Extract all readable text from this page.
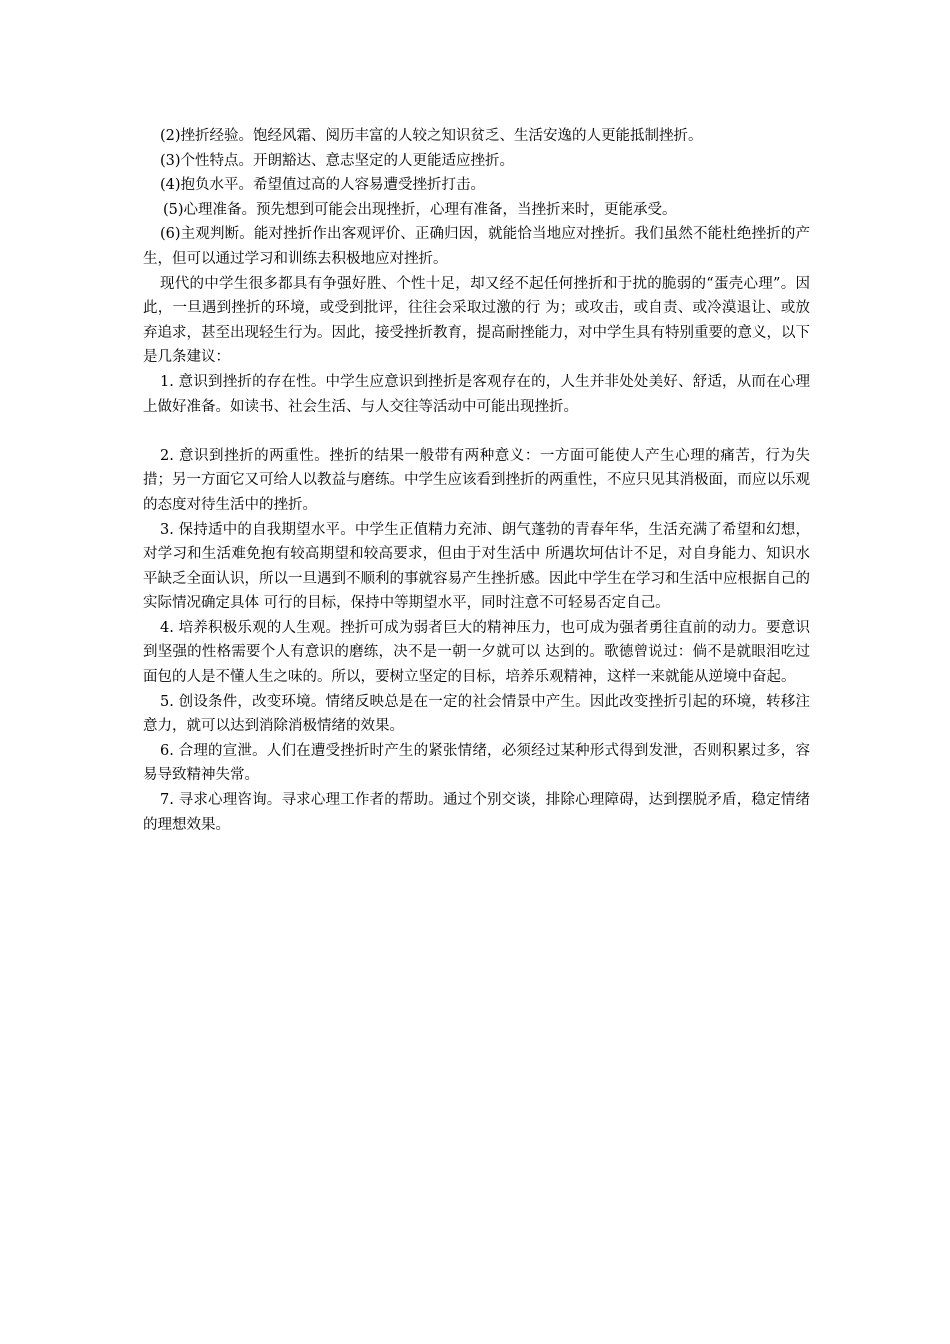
(2)挫折经验。饱经风霜、阅历丰富的人较之知识贫乏、生活安逸的人更能抵制挫折。

(3)个性特点。开朗豁达、意志坚定的人更能适应挫折。

(4)抱负水平。希望值过高的人容易遭受挫折打击。

(5)心理准备。预先想到可能会出现挫折，心理有准备，当挫折来时，更能承受。

(6)主观判断。能对挫折作出客观评价、正确归因，就能恰当地应对挫折。我们虽然不能杜绝挫折的产生，但可以通过学习和训练去积极地应对挫折。

现代的中学生很多都具有争强好胜、个性十足，却又经不起任何挫折和于扰的脆弱的“蛋壳心理”。因此，一旦遇到挫折的环境，或受到批评，往往会采取过激的行 为；或攻击，或自责、或冷漠退让、或放弃追求，甚至出现轻生行为。因此，接受挫折教育，提高耐挫能力，对中学生具有特别重要的意义，以下是几条建议：

1. 意识到挫折的存在性。中学生应意识到挫折是客观存在的，人生并非处处美好、舒适，从而在心理上做好准备。如读书、社会生活、与人交往等活动中可能出现挫折。

2. 意识到挫折的两重性。挫折的结果一般带有两种意义：一方面可能使人产生心理的痛苦，行为失措；另一方面它又可给人以教益与磨练。中学生应该看到挫折的两重性，不应只见其消极面，而应以乐观的态度对待生活中的挫折。

3. 保持适中的自我期望水平。中学生正值精力充沛、朗气蓬勃的青春年华，生活充满了希望和幻想，对学习和生活难免抱有较高期望和较高要求，但由于对生活中 所遇坎坷估计不足，对自身能力、知识水平缺乏全面认识，所以一旦遇到不顺利的事就容易产生挫折感。因此中学生在学习和生活中应根据自己的实际情况确定具体 可行的目标，保持中等期望水平，同时注意不可轻易否定自己。

4. 培养积极乐观的人生观。挫折可成为弱者巨大的精神压力，也可成为强者勇往直前的动力。要意识到坚强的性格需要个人有意识的磨练，决不是一朝一夕就可以 达到的。歌德曾说过：倘不是就眼泪吃过面包的人是不懂人生之味的。所以，要树立坚定的目标，培养乐观精神，这样一来就能从逆境中奋起。

5. 创设条件，改变环境。情绪反映总是在一定的社会情景中产生。因此改变挫折引起的环境，转移注意力，就可以达到消除消极情绪的效果。

6. 合理的宣泄。人们在遭受挫折时产生的紧张情绪，必须经过某种形式得到发泄，否则积累过多，容易导致精神失常。

7. 寻求心理咨询。寻求心理工作者的帮助。通过个别交谈，排除心理障碍，达到摆脱矛盾，稳定情绪的理想效果。
